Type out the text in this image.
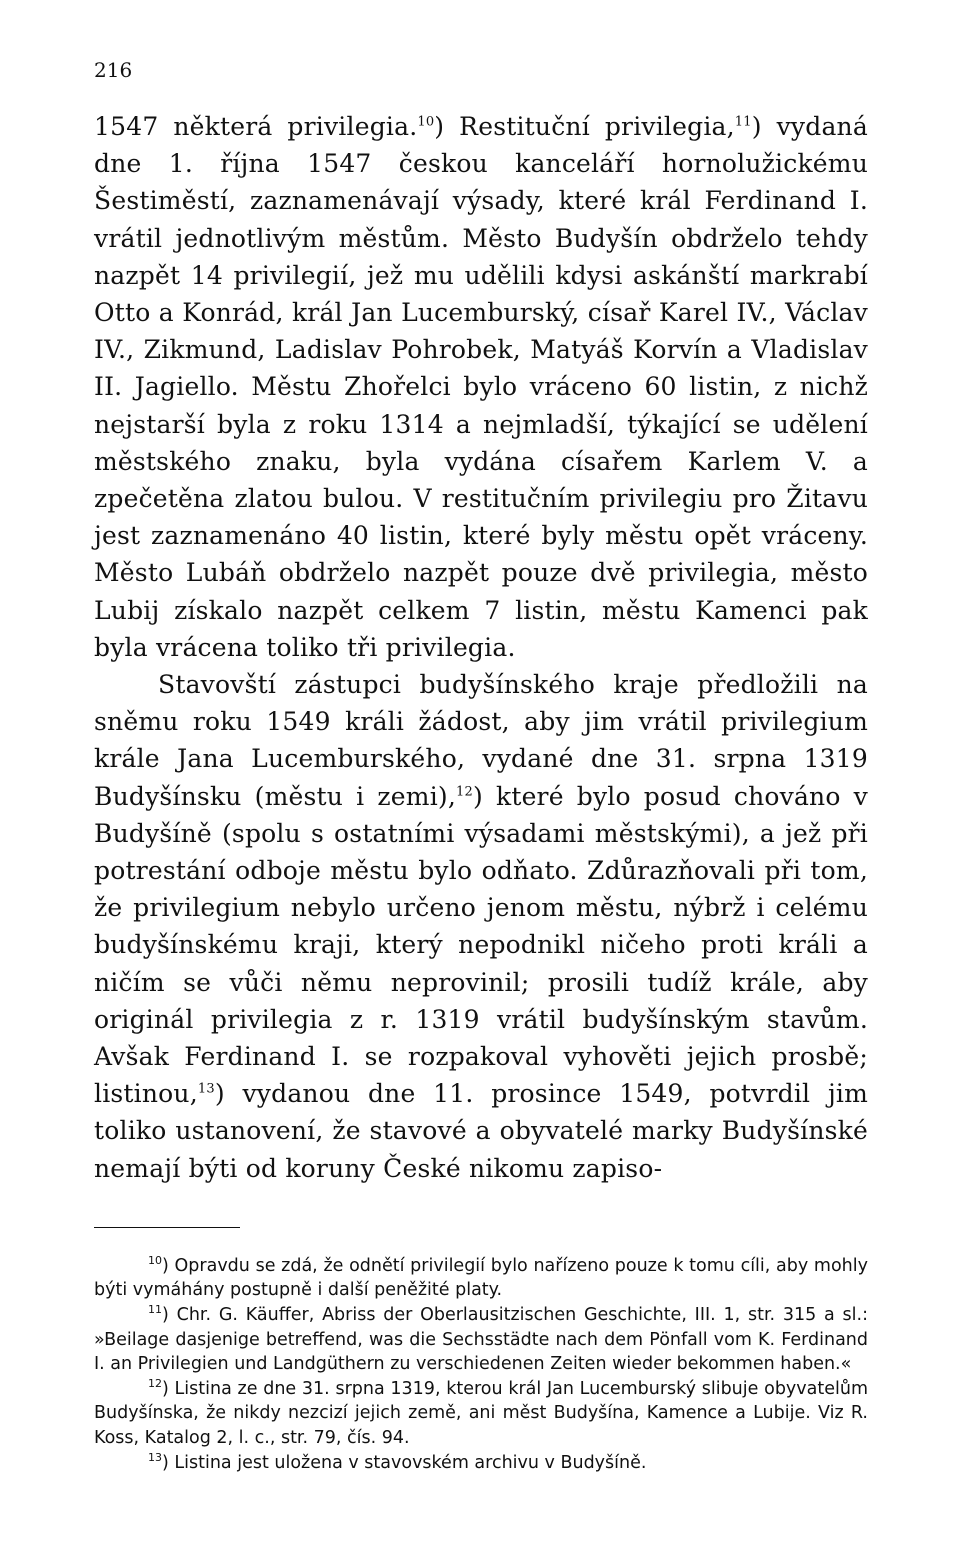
216

1547 některá privilegia.$^{10}$) Restituční privilegia,$^{11}$) vydaná dne 1. října 1547 českou kanceláří hornolužickému Šestiměstí, zaznamenávají výsady, které král Ferdinand I. vrátil jednotlivým městům. Město Budyšín obdrželo tehdy nazpět 14 privilegií, jež mu udělili kdysi askánští markrabí Otto a Konrád, král Jan Lucemburský, císař Karel IV., Václav IV., Zikmund, Ladislav Pohrobek, Matyáš Korvín a Vladislav II. Jagiello. Městu Zhořelci bylo vráceno 60 listin, z nichž nejstarší byla z roku 1314 a nejmladší, týkající se udělení městského znaku, byla vydána císařem Karlem V. a zpečetěna zlatou bulou. V restitučním privilegiu pro Žitavu jest zaznamenáno 40 listin, které byly městu opět vráceny. Město Lubáň obdrželo nazpět pouze dvě privilegia, město Lubij získalo nazpět celkem 7 listin, městu Kamenci pak byla vrácena toliko tři privilegia.

Stavovští zástupci budyšínského kraje předložili na sněmu roku 1549 králi žádost, aby jim vrátil privilegium krále Jana Lucemburského, vydané dne 31. srpna 1319 Budyšínsku (městu i zemi),$^{12}$) které bylo posud chováno v Budyšíně (spolu s ostatními výsadami městskými), a jež při potrestání odboje městu bylo odňato. Zdůrazňovali při tom, že privilegium nebylo určeno jenom městu, nýbrž i celému budyšínskému kraji, který nepodnikl ničeho proti králi a ničím se vůči němu neprovinil; prosili tudíž krále, aby originál privilegia z r. 1319 vrátil budyšínským stavům. Avšak Ferdinand I. se rozpakoval vyhověti jejich prosbě; listinou,$^{13}$) vydanou dne 11. prosince 1549, potvrdil jim toliko ustanovení, že stavové a obyvatelé marky Budyšínské nemají býti od koruny České nikomu zapiso-

$^{10}$) Opravdu se zdá, že odnětí privilegií bylo nařízeno pouze k tomu cíli, aby mohly býti vymáhány postupně i další peněžité platy.

$^{11}$) Chr. G. Käuffer, Abriss der Oberlausitzischen Geschichte, III. 1, str. 315 a sl.: »Beilage dasjenige betreffend, was die Sechsstädte nach dem Pönfall vom K. Ferdinand I. an Privilegien und Landgüthern zu verschiedenen Zeiten wieder bekommen haben.«

$^{12}$) Listina ze dne 31. srpna 1319, kterou král Jan Lucemburský slibuje obyvatelům Budyšínska, že nikdy nezcizí jejich země, ani měst Budyšína, Kamence a Lubije. Viz R. Koss, Katalog 2, l. c., str. 79, čís. 94.

$^{13}$) Listina jest uložena v stavovském archivu v Budyšíně.
